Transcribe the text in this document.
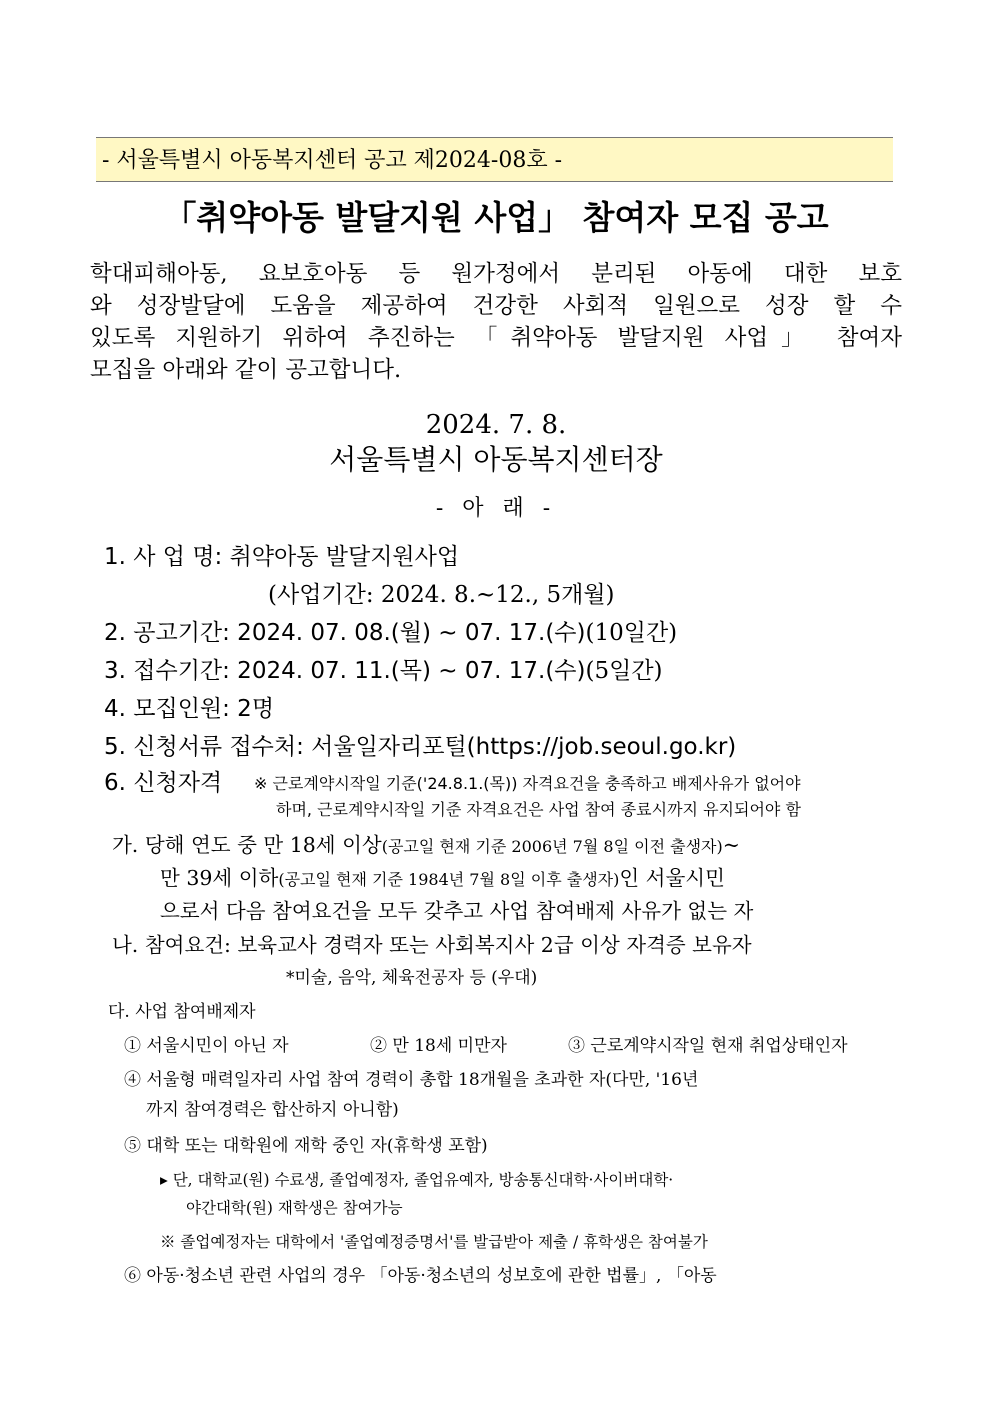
- 서울특별시 아동복지센터 공고 제2024-08호 -
「취약아동 발달지원 사업」 참여자 모집 공고
학대피해아동, 요보호아동 등 원가정에서 분리된 아동에 대한 보호
와 성장발달에 도움을 제공하여 건강한 사회적 일원으로 성장 할 수
있도록 지원하기 위하여 추진하는 「취약아동 발달지원 사업」 참여자
모집을 아래와 같이 공고합니다.
2024. 7. 8.
서울특별시 아동복지센터장
- 아 래 -
1. 사 업 명: 취약아동 발달지원사업
(사업기간: 2024. 8.~12., 5개월)
2. 공고기간: 2024. 07. 08.(월) ~ 07. 17.(수)(10일간)
3. 접수기간: 2024. 07. 11.(목) ~ 07. 17.(수)(5일간)
4. 모집인원: 2명
5. 신청서류 접수처: 서울일자리포털(https://job.seoul.go.kr)
6. 신청자격 ※ 근로계약시작일 기준('24.8.1.(목)) 자격요건을 충족하고 배제사유가 없어야
하며, 근로계약시작일 기준 자격요건은 사업 참여 종료시까지 유지되어야 함
가. 당해 연도 중 만 18세 이상(공고일 현재 기준 2006년 7월 8일 이전 출생자)~
만 39세 이하(공고일 현재 기준 1984년 7월 8일 이후 출생자)인 서울시민
으로서 다음 참여요건을 모두 갖추고 사업 참여배제 사유가 없는 자
나. 참여요건: 보육교사 경력자 또는 사회복지사 2급 이상 자격증 보유자
*미술, 음악, 체육전공자 등 (우대)
다. 사업 참여배제자
① 서울시민이 아닌 자	② 만 18세 미만자	③ 근로계약시작일 현재 취업상태인자
④ 서울형 매력일자리 사업 참여 경력이 총합 18개월을 초과한 자(다만, '16년
까지 참여경력은 합산하지 아니함)
⑤ 대학 또는 대학원에 재학 중인 자(휴학생 포함)
▸ 단, 대학교(원) 수료생, 졸업예정자, 졸업유예자, 방송통신대학·사이버대학·
야간대학(원) 재학생은 참여가능
※ 졸업예정자는 대학에서 '졸업예정증명서'를 발급받아 제출 / 휴학생은 참여불가
⑥ 아동·청소년 관련 사업의 경우 「아동·청소년의 성보호에 관한 법률」, 「아동
